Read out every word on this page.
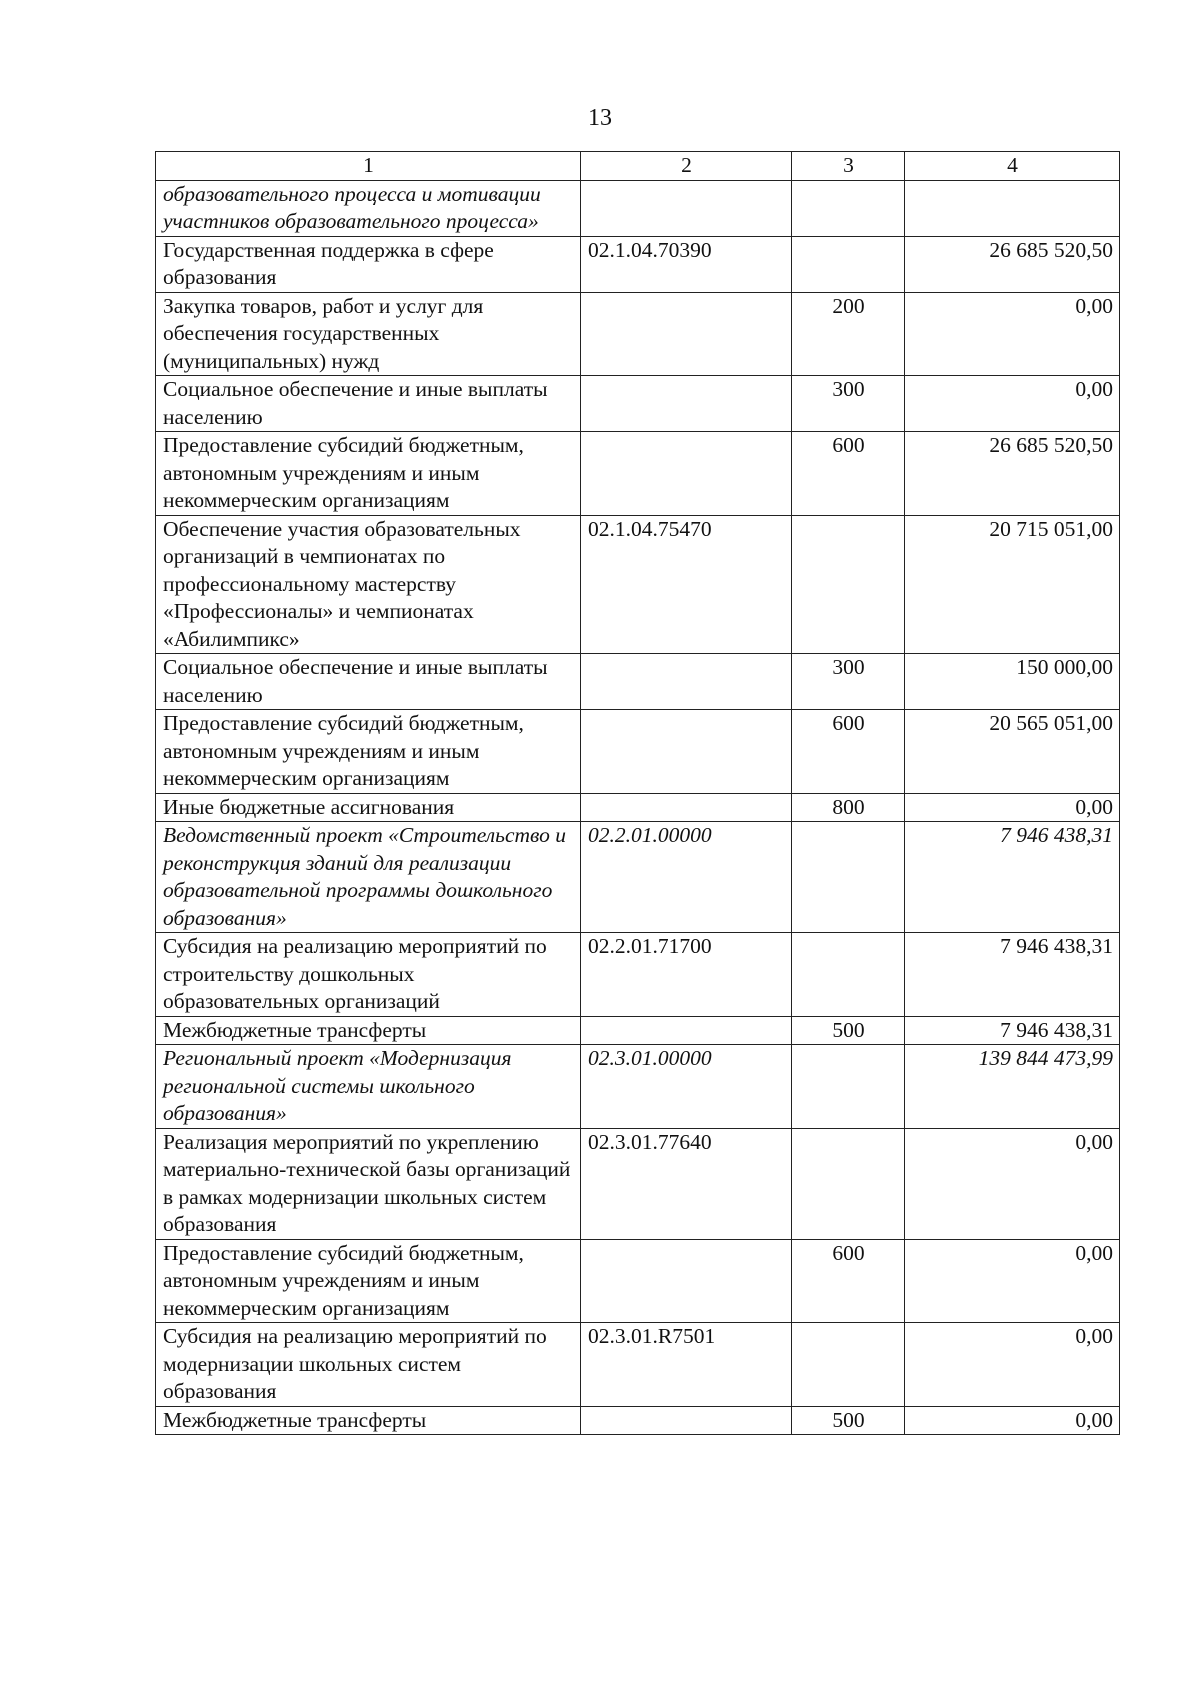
13
1	2	3	4
образовательного процесса и мотивации участников образовательного процесса»			
Государственная поддержка в сфере образования	02.1.04.70390		26 685 520,50
Закупка товаров, работ и услуг для обеспечения государственных (муниципальных) нужд		200	0,00
Социальное обеспечение и иные выплаты населению		300	0,00
Предоставление субсидий бюджетным, автономным учреждениям и иным некоммерческим организациям		600	26 685 520,50
Обеспечение участия образовательных организаций в чемпионатах по профессиональному мастерству «Профессионалы» и чемпионатах «Абилимпикс»	02.1.04.75470		20 715 051,00
Социальное обеспечение и иные выплаты населению		300	150 000,00
Предоставление субсидий бюджетным, автономным учреждениям и иным некоммерческим организациям		600	20 565 051,00
Иные бюджетные ассигнования		800	0,00
Ведомственный проект «Строительство и реконструкция зданий для реализации образовательной программы дошкольного образования»	02.2.01.00000		7 946 438,31
Субсидия на реализацию мероприятий по строительству дошкольных образовательных организаций	02.2.01.71700		7 946 438,31
Межбюджетные трансферты		500	7 946 438,31
Региональный проект «Модернизация региональной системы школьного образования»	02.3.01.00000		139 844 473,99
Реализация мероприятий по укреплению материально-технической базы организаций в рамках модернизации школьных систем образования	02.3.01.77640		0,00
Предоставление субсидий бюджетным, автономным учреждениям и иным некоммерческим организациям		600	0,00
Субсидия на реализацию мероприятий по модернизации школьных систем образования	02.3.01.R7501		0,00
Межбюджетные трансферты		500	0,00
